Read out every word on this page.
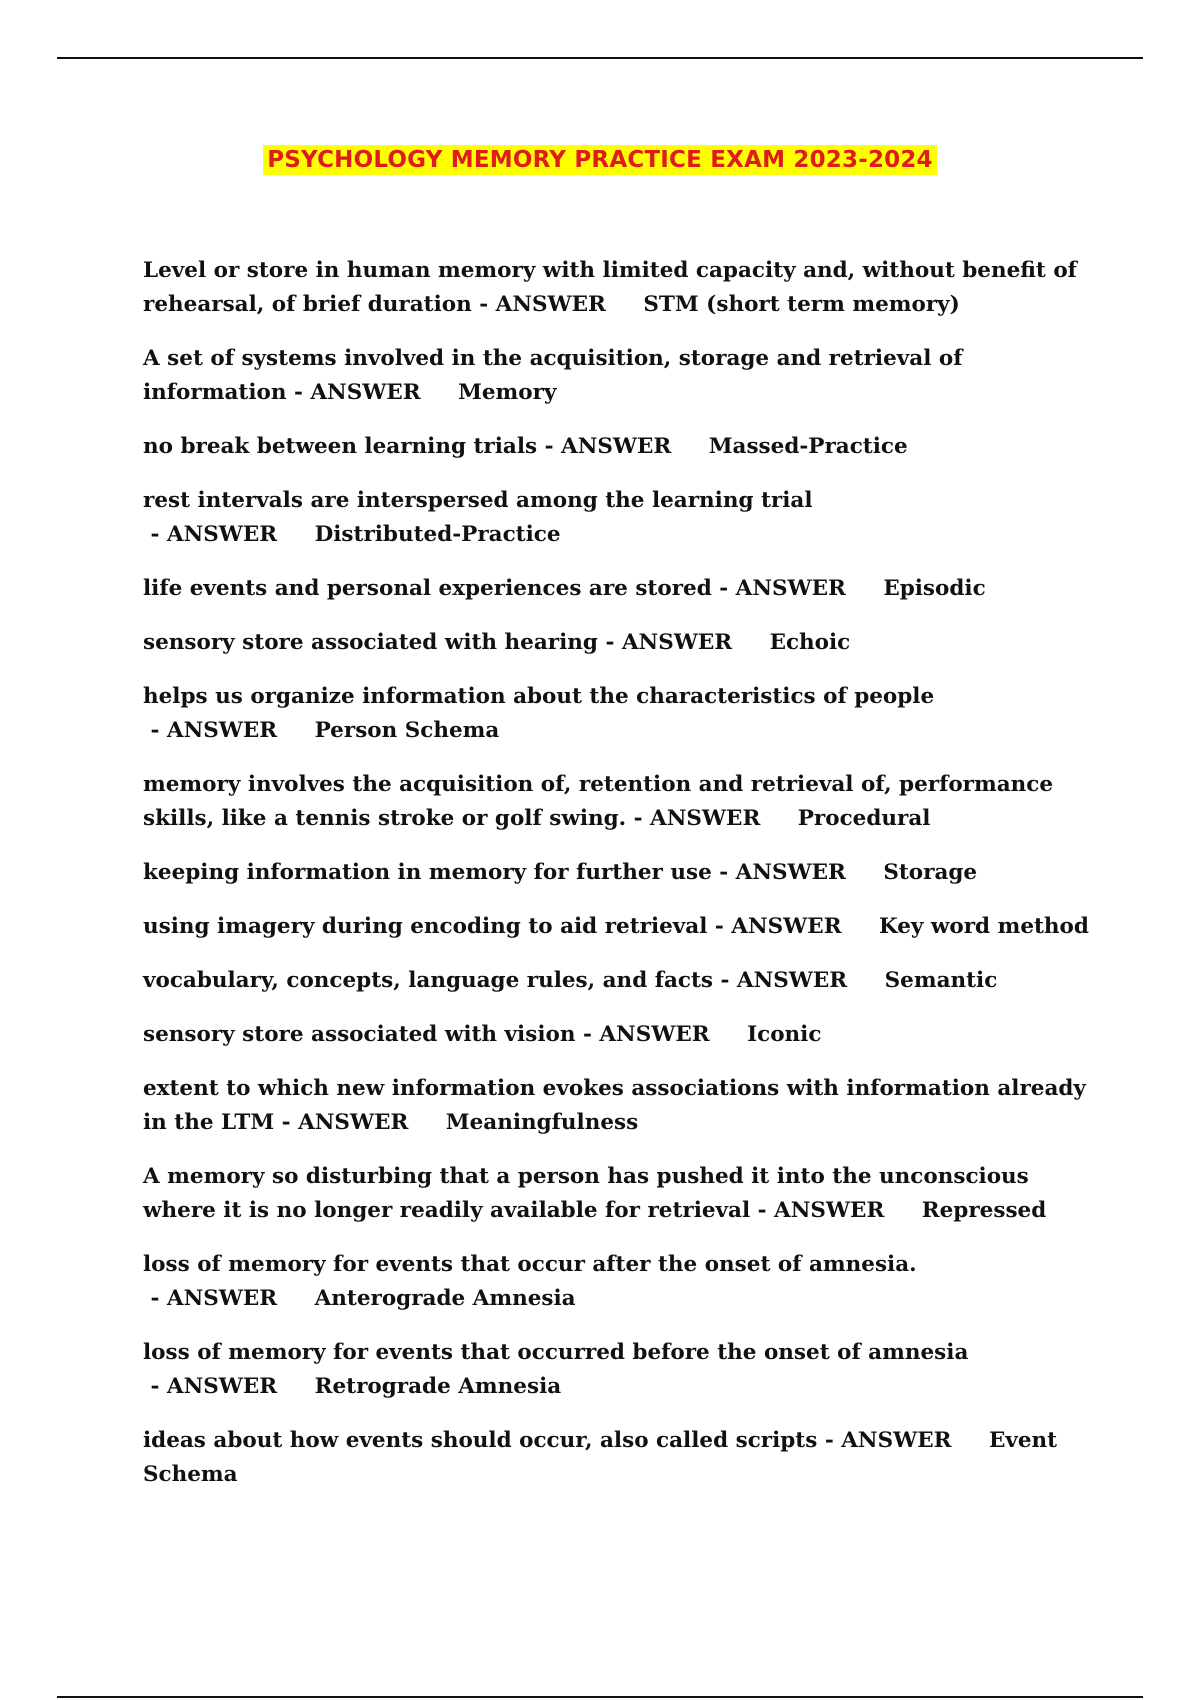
PSYCHOLOGY MEMORY PRACTICE EXAM 2023-2024
Level or store in human memory with limited capacity and, without benefit of rehearsal, of brief duration - ANSWER     STM (short term memory)
A set of systems involved in the acquisition, storage and retrieval of information - ANSWER     Memory
no break between learning trials - ANSWER     Massed-Practice
rest intervals are interspersed among the learning trial - ANSWER     Distributed-Practice
life events and personal experiences are stored - ANSWER     Episodic
sensory store associated with hearing - ANSWER     Echoic
helps us organize information about the characteristics of people - ANSWER     Person Schema
memory involves the acquisition of, retention and retrieval of, performance skills, like a tennis stroke or golf swing. - ANSWER     Procedural
keeping information in memory for further use - ANSWER     Storage
using imagery during encoding to aid retrieval - ANSWER     Key word method
vocabulary, concepts, language rules, and facts - ANSWER     Semantic
sensory store associated with vision - ANSWER     Iconic
extent to which new information evokes associations with information already in the LTM - ANSWER     Meaningfulness
A memory so disturbing that a person has pushed it into the unconscious where it is no longer readily available for retrieval - ANSWER     Repressed
loss of memory for events that occur after the onset of amnesia. - ANSWER     Anterograde Amnesia
loss of memory for events that occurred before the onset of amnesia - ANSWER     Retrograde Amnesia
ideas about how events should occur, also called scripts - ANSWER     Event Schema
